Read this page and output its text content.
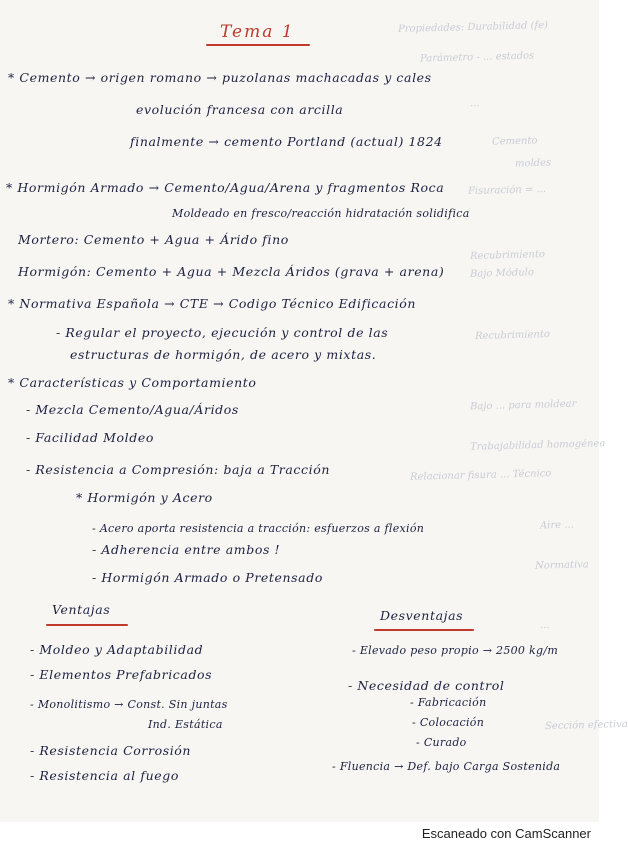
Propiedades: Durabilidad (fe)
Parámetro - ... estados
...
Cemento
moldes
Fisuración = ...
Recubrimiento
Bajo Módulo
Recubrimiento
Bajo ... para moldear
Trabajabilidad homogénea
Relacionar fisura ... Técnico
Aire ...
Normativa
...
Sección efectiva
Tema 1
* Cemento → origen romano → puzolanas machacadas y cales
evolución francesa con arcilla
finalmente → cemento Portland (actual) 1824
* Hormigón Armado → Cemento/Agua/Arena y fragmentos Roca
Moldeado en fresco/reacción hidratación solidifica
Mortero: Cemento + Agua + Árido fino
Hormigón: Cemento + Agua + Mezcla Áridos (grava + arena)
* Normativa Española → CTE → Codigo Técnico Edificación
- Regular el proyecto, ejecución y control de las
estructuras de hormigón, de acero y mixtas.
* Características y Comportamiento
- Mezcla Cemento/Agua/Áridos
- Facilidad Moldeo
- Resistencia a Compresión: baja a Tracción
* Hormigón y Acero
- Acero aporta resistencia a tracción: esfuerzos a flexión
- Adherencia entre ambos !
- Hormigón Armado o Pretensado
Ventajas
- Moldeo y Adaptabilidad
- Elementos Prefabricados
- Monolitismo → Const. Sin juntas
Ind. Estática
- Resistencia Corrosión
- Resistencia al fuego
Desventajas
- Elevado peso propio → 2500 kg/m
- Necesidad de control
- Fabricación
- Colocación
- Curado
- Fluencia → Def. bajo Carga Sostenida
Escaneado con CamScanner
